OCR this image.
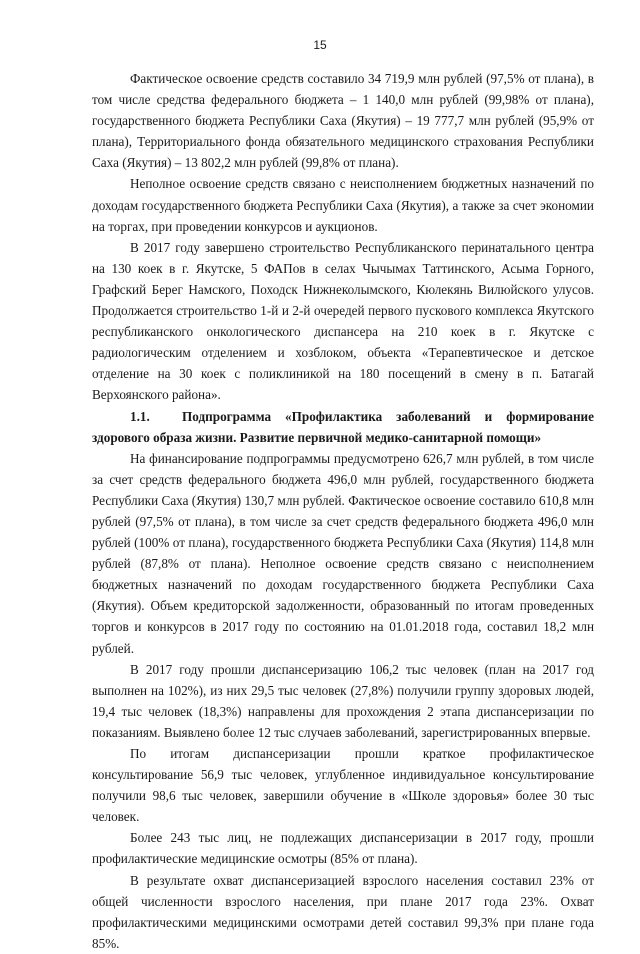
15

Фактическое освоение средств составило 34 719,9 млн рублей (97,5% от плана), в том числе средства федерального бюджета – 1 140,0 млн рублей (99,98% от плана), государственного бюджета Республики Саха (Якутия) – 19 777,7 млн рублей (95,9% от плана), Территориального фонда обязательного медицинского страхования Республики Саха (Якутия) – 13 802,2 млн рублей (99,8% от плана).

Неполное освоение средств связано с неисполнением бюджетных назначений по доходам государственного бюджета Республики Саха (Якутия), а также за счет экономии на торгах, при проведении конкурсов и аукционов.

В 2017 году завершено строительство Республиканского перинатального центра на 130 коек в г. Якутске, 5 ФАПов в селах Чычымах Таттинского, Асыма Горного, Графский Берег Намского, Походск Нижнеколымского, Кюлекянь Вилюйского улусов. Продолжается строительство 1-й и 2-й очередей первого пускового комплекса Якутского республиканского онкологического диспансера на 210 коек в г. Якутске с радиологическим отделением и хозблоком, объекта «Терапевтическое и детское отделение на 30 коек с поликлиникой на 180 посещений в смену в п. Батагай Верхоянского района».

1.1. Подпрограмма «Профилактика заболеваний и формирование здорового образа жизни. Развитие первичной медико-санитарной помощи»

На финансирование подпрограммы предусмотрено 626,7 млн рублей, в том числе за счет средств федерального бюджета 496,0 млн рублей, государственного бюджета Республики Саха (Якутия) 130,7 млн рублей. Фактическое освоение составило 610,8 млн рублей (97,5% от плана), в том числе за счет средств федерального бюджета 496,0 млн рублей (100% от плана), государственного бюджета Республики Саха (Якутия) 114,8 млн рублей (87,8% от плана). Неполное освоение средств связано с неисполнением бюджетных назначений по доходам государственного бюджета Республики Саха (Якутия). Объем кредиторской задолженности, образованный по итогам проведенных торгов и конкурсов в 2017 году по состоянию на 01.01.2018 года, составил 18,2 млн рублей.

В 2017 году прошли диспансеризацию 106,2 тыс человек (план на 2017 год выполнен на 102%), из них 29,5 тыс человек (27,8%) получили группу здоровых людей, 19,4 тыс человек (18,3%) направлены для прохождения 2 этапа диспансеризации по показаниям. Выявлено более 12 тыс случаев заболеваний, зарегистрированных впервые.

По итогам диспансеризации прошли краткое профилактическое консультирование 56,9 тыс человек, углубленное индивидуальное консультирование получили 98,6 тыс человек, завершили обучение в «Школе здоровья» более 30 тыс человек.

Более 243 тыс лиц, не подлежащих диспансеризации в 2017 году, прошли профилактические медицинские осмотры (85% от плана).

В результате охват диспансеризацией взрослого населения составил 23% от общей численности взрослого населения, при плане 2017 года 23%. Охват профилактическими медицинскими осмотрами детей составил 99,3% при плане года 85%.
